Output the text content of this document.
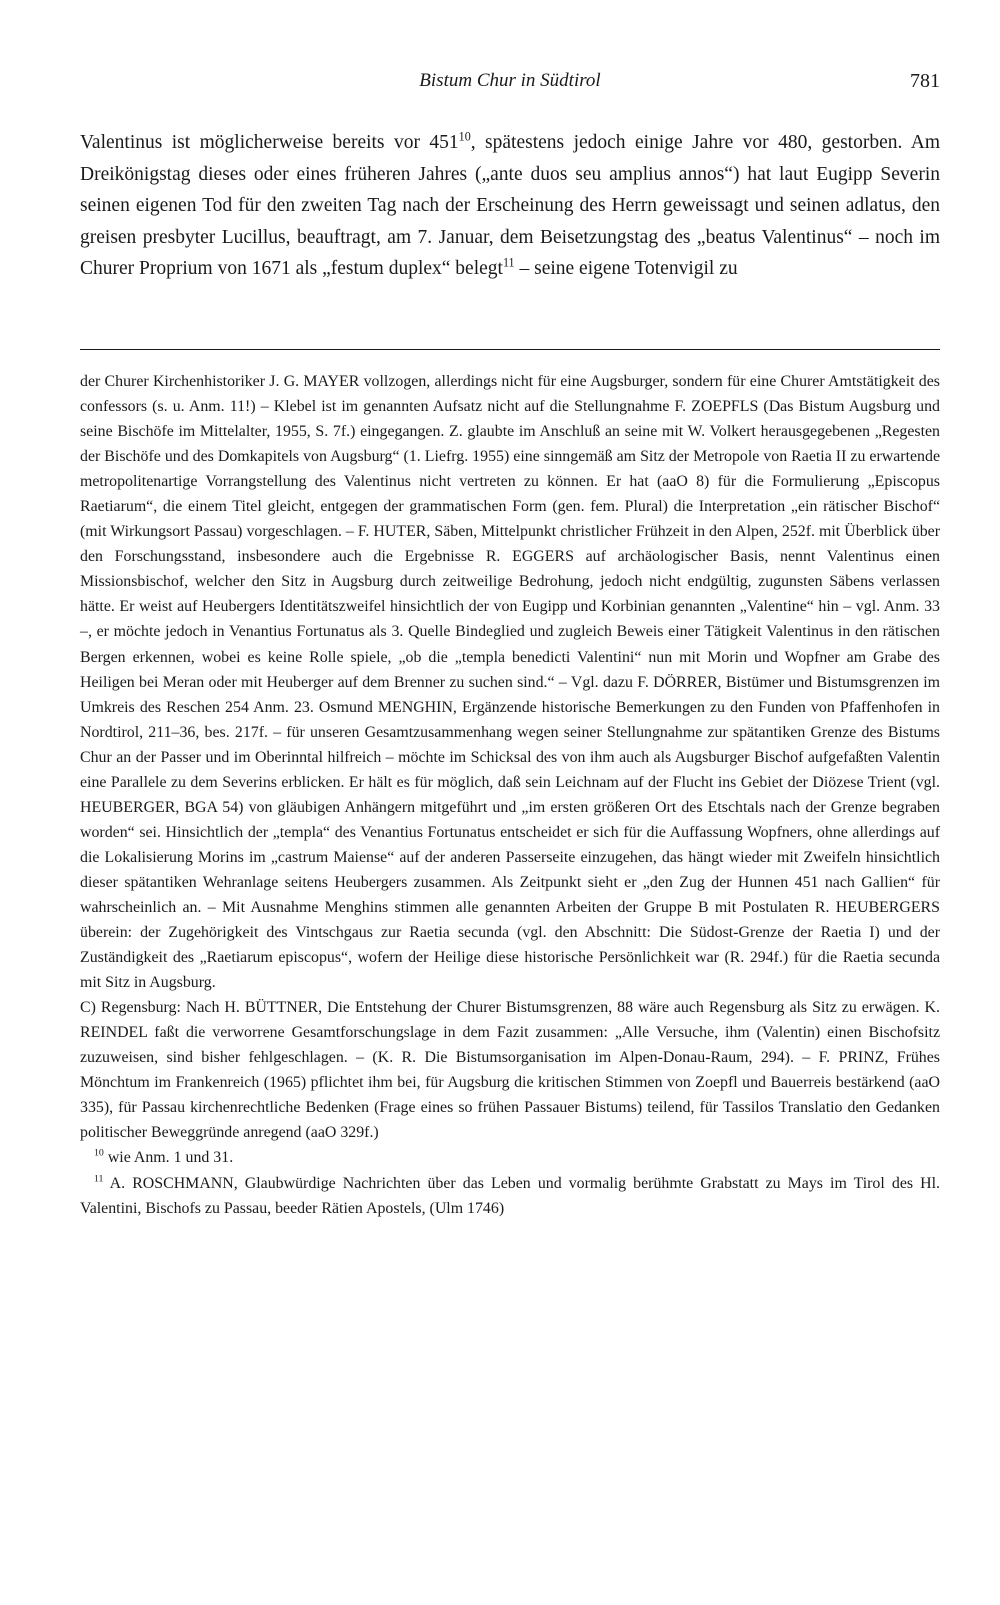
Bistum Chur in Südtirol	781

Valentinus ist möglicherweise bereits vor $451^{10}$, spätestens jedoch einige Jahre vor 480, gestorben. Am Dreikönigstag dieses oder eines früheren Jahres („ante duos seu amplius annos“) hat laut Eugipp Severin seinen eigenen Tod für den zweiten Tag nach der Erscheinung des Herrn geweissagt und seinen adlatus, den greisen presbyter Lucillus, beauftragt, am 7. Januar, dem Beisetzungstag des „beatus Valentinus“ – noch im Churer Proprium von 1671 als „festum duplex“ belegt$^{11}$ – seine eigene Totenvigil zu

der Churer Kirchenhistoriker J. G. MAYER vollzogen, allerdings nicht für eine Augsburger, sondern für eine Churer Amtstätigkeit des confessors (s. u. Anm. 11!) – Klebel ist im genannten Aufsatz nicht auf die Stellungnahme F. ZOEPFLS (Das Bistum Augsburg und seine Bischöfe im Mittelalter, 1955, S. 7f.) eingegangen. Z. glaubte im Anschluß an seine mit W. Volkert herausgegebenen „Regesten der Bischöfe und des Domkapitels von Augsburg“ (1. Liefrg. 1955) eine sinngemäß am Sitz der Metropole von Raetia II zu erwartende metropolitenartige Vorrangstellung des Valentinus nicht vertreten zu können. Er hat (aaO 8) für die Formulierung „Episcopus Raetiarum“, die einem Titel gleicht, entgegen der grammatischen Form (gen. fem. Plural) die Interpretation „ein rätischer Bischof“ (mit Wirkungsort Passau) vorgeschlagen. – F. HUTER, Säben, Mittelpunkt christlicher Frühzeit in den Alpen, 252f. mit Überblick über den Forschungsstand, insbesondere auch die Ergebnisse R. EGGERS auf archäologischer Basis, nennt Valentinus einen Missionsbischof, welcher den Sitz in Augsburg durch zeitweilige Bedrohung, jedoch nicht endgültig, zugunsten Säbens verlassen hätte. Er weist auf Heubergers Identitätszweifel hinsichtlich der von Eugipp und Korbinian genannten „Valentine“ hin – vgl. Anm. 33 –, er möchte jedoch in Venantius Fortunatus als 3. Quelle Bindeglied und zugleich Beweis einer Tätigkeit Valentinus in den rätischen Bergen erkennen, wobei es keine Rolle spiele, „ob die „templa benedicti Valentini“ nun mit Morin und Wopfner am Grabe des Heiligen bei Meran oder mit Heuberger auf dem Brenner zu suchen sind.“ – Vgl. dazu F. DÖRRER, Bistümer und Bistumsgrenzen im Umkreis des Reschen 254 Anm. 23. Osmund MENGHIN, Ergänzende historische Bemerkungen zu den Funden von Pfaffenhofen in Nordtirol, 211–36, bes. 217f. – für unseren Gesamtzusammenhang wegen seiner Stellungnahme zur spätantiken Grenze des Bistums Chur an der Passer und im Oberinntal hilfreich – möchte im Schicksal des von ihm auch als Augsburger Bischof aufgefaßten Valentin eine Parallele zu dem Severins erblicken. Er hält es für möglich, daß sein Leichnam auf der Flucht ins Gebiet der Diözese Trient (vgl. HEUBERGER, BGA 54) von gläubigen Anhängern mitgeführt und „im ersten größeren Ort des Etschtals nach der Grenze begraben worden“ sei. Hinsichtlich der „templa“ des Venantius Fortunatus entscheidet er sich für die Auffassung Wopfners, ohne allerdings auf die Lokalisierung Morins im „castrum Maiense“ auf der anderen Passerseite einzugehen, das hängt wieder mit Zweifeln hinsichtlich dieser spätantiken Wehranlage seitens Heubergers zusammen. Als Zeitpunkt sieht er „den Zug der Hunnen 451 nach Gallien“ für wahrscheinlich an. – Mit Ausnahme Menghins stimmen alle genannten Arbeiten der Gruppe B mit Postulaten R. HEUBERGERS überein: der Zugehörigkeit des Vintschgaus zur Raetia secunda (vgl. den Abschnitt: Die Südost-Grenze der Raetia I) und der Zuständigkeit des „Raetiarum episcopus“, wofern der Heilige diese historische Persönlichkeit war (R. 294f.) für die Raetia secunda mit Sitz in Augsburg.

C) Regensburg: Nach H. BÜTTNER, Die Entstehung der Churer Bistumsgrenzen, 88 wäre auch Regensburg als Sitz zu erwägen. K. REINDEL faßt die verworrene Gesamtforschungslage in dem Fazit zusammen: „Alle Versuche, ihm (Valentin) einen Bischofsitz zuzuweisen, sind bisher fehlgeschlagen. – (K. R. Die Bistumsorganisation im Alpen-Donau-Raum, 294). – F. PRINZ, Frühes Mönchtum im Frankenreich (1965) pflichtet ihm bei, für Augsburg die kritischen Stimmen von Zoepfl und Bauerreis bestärkend (aaO 335), für Passau kirchenrechtliche Bedenken (Frage eines so frühen Passauer Bistums) teilend, für Tassilos Translatio den Gedanken politischer Beweggründe anregend (aaO 329f.)

$^{10}$ wie Anm. 1 und 31.

$^{11}$ A. ROSCHMANN, Glaubwürdige Nachrichten über das Leben und vormalig berühmte Grabstatt zu Mays im Tirol des Hl. Valentini, Bischofs zu Passau, beeder Rätien Apostels, (Ulm 1746)
